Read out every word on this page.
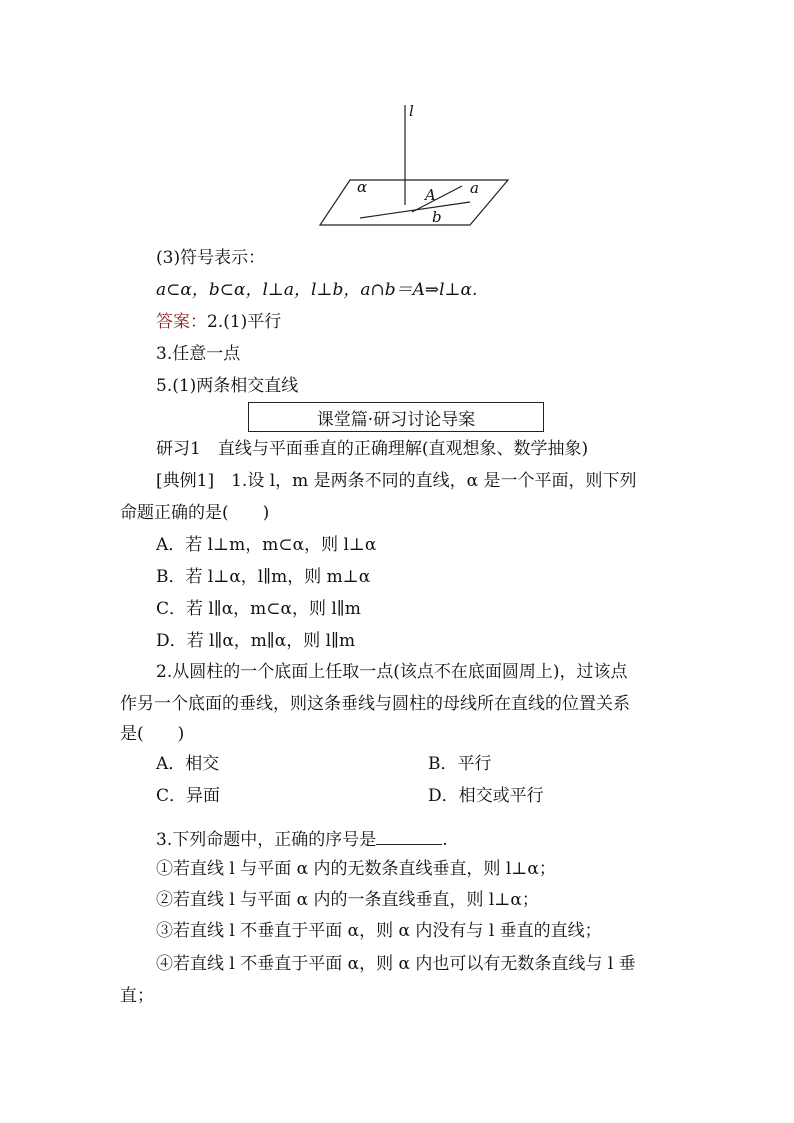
l
α	A a
b
(3)符号表示：
a⊂α，b⊂α，l⊥a，l⊥b，a∩b＝A⇒l⊥α.
答案：2.(1)平行
3.任意一点
5.(1)两条相交直线
课堂篇·研习讨论导案
研习1　直线与平面垂直的正确理解(直观想象、数学抽象)
[典例1]　1.设 l，m 是两条不同的直线，α 是一个平面，则下列
命题正确的是(　　)
A．若 l⊥m，m⊂α，则 l⊥α
B．若 l⊥α，l∥m，则 m⊥α
C．若 l∥α，m⊂α，则 l∥m
D．若 l∥α，m∥α，则 l∥m
2.从圆柱的一个底面上任取一点(该点不在底面圆周上)，过该点
作另一个底面的垂线，则这条垂线与圆柱的母线所在直线的位置关系
是(　　)
A．相交	B．平行
C．异面	D．相交或平行
3.下列命题中，正确的序号是	.
①若直线 l 与平面 α 内的无数条直线垂直，则 l⊥α；
②若直线 l 与平面 α 内的一条直线垂直，则 l⊥α；
③若直线 l 不垂直于平面 α，则 α 内没有与 l 垂直的直线；
④若直线 l 不垂直于平面 α，则 α 内也可以有无数条直线与 l 垂
直；
